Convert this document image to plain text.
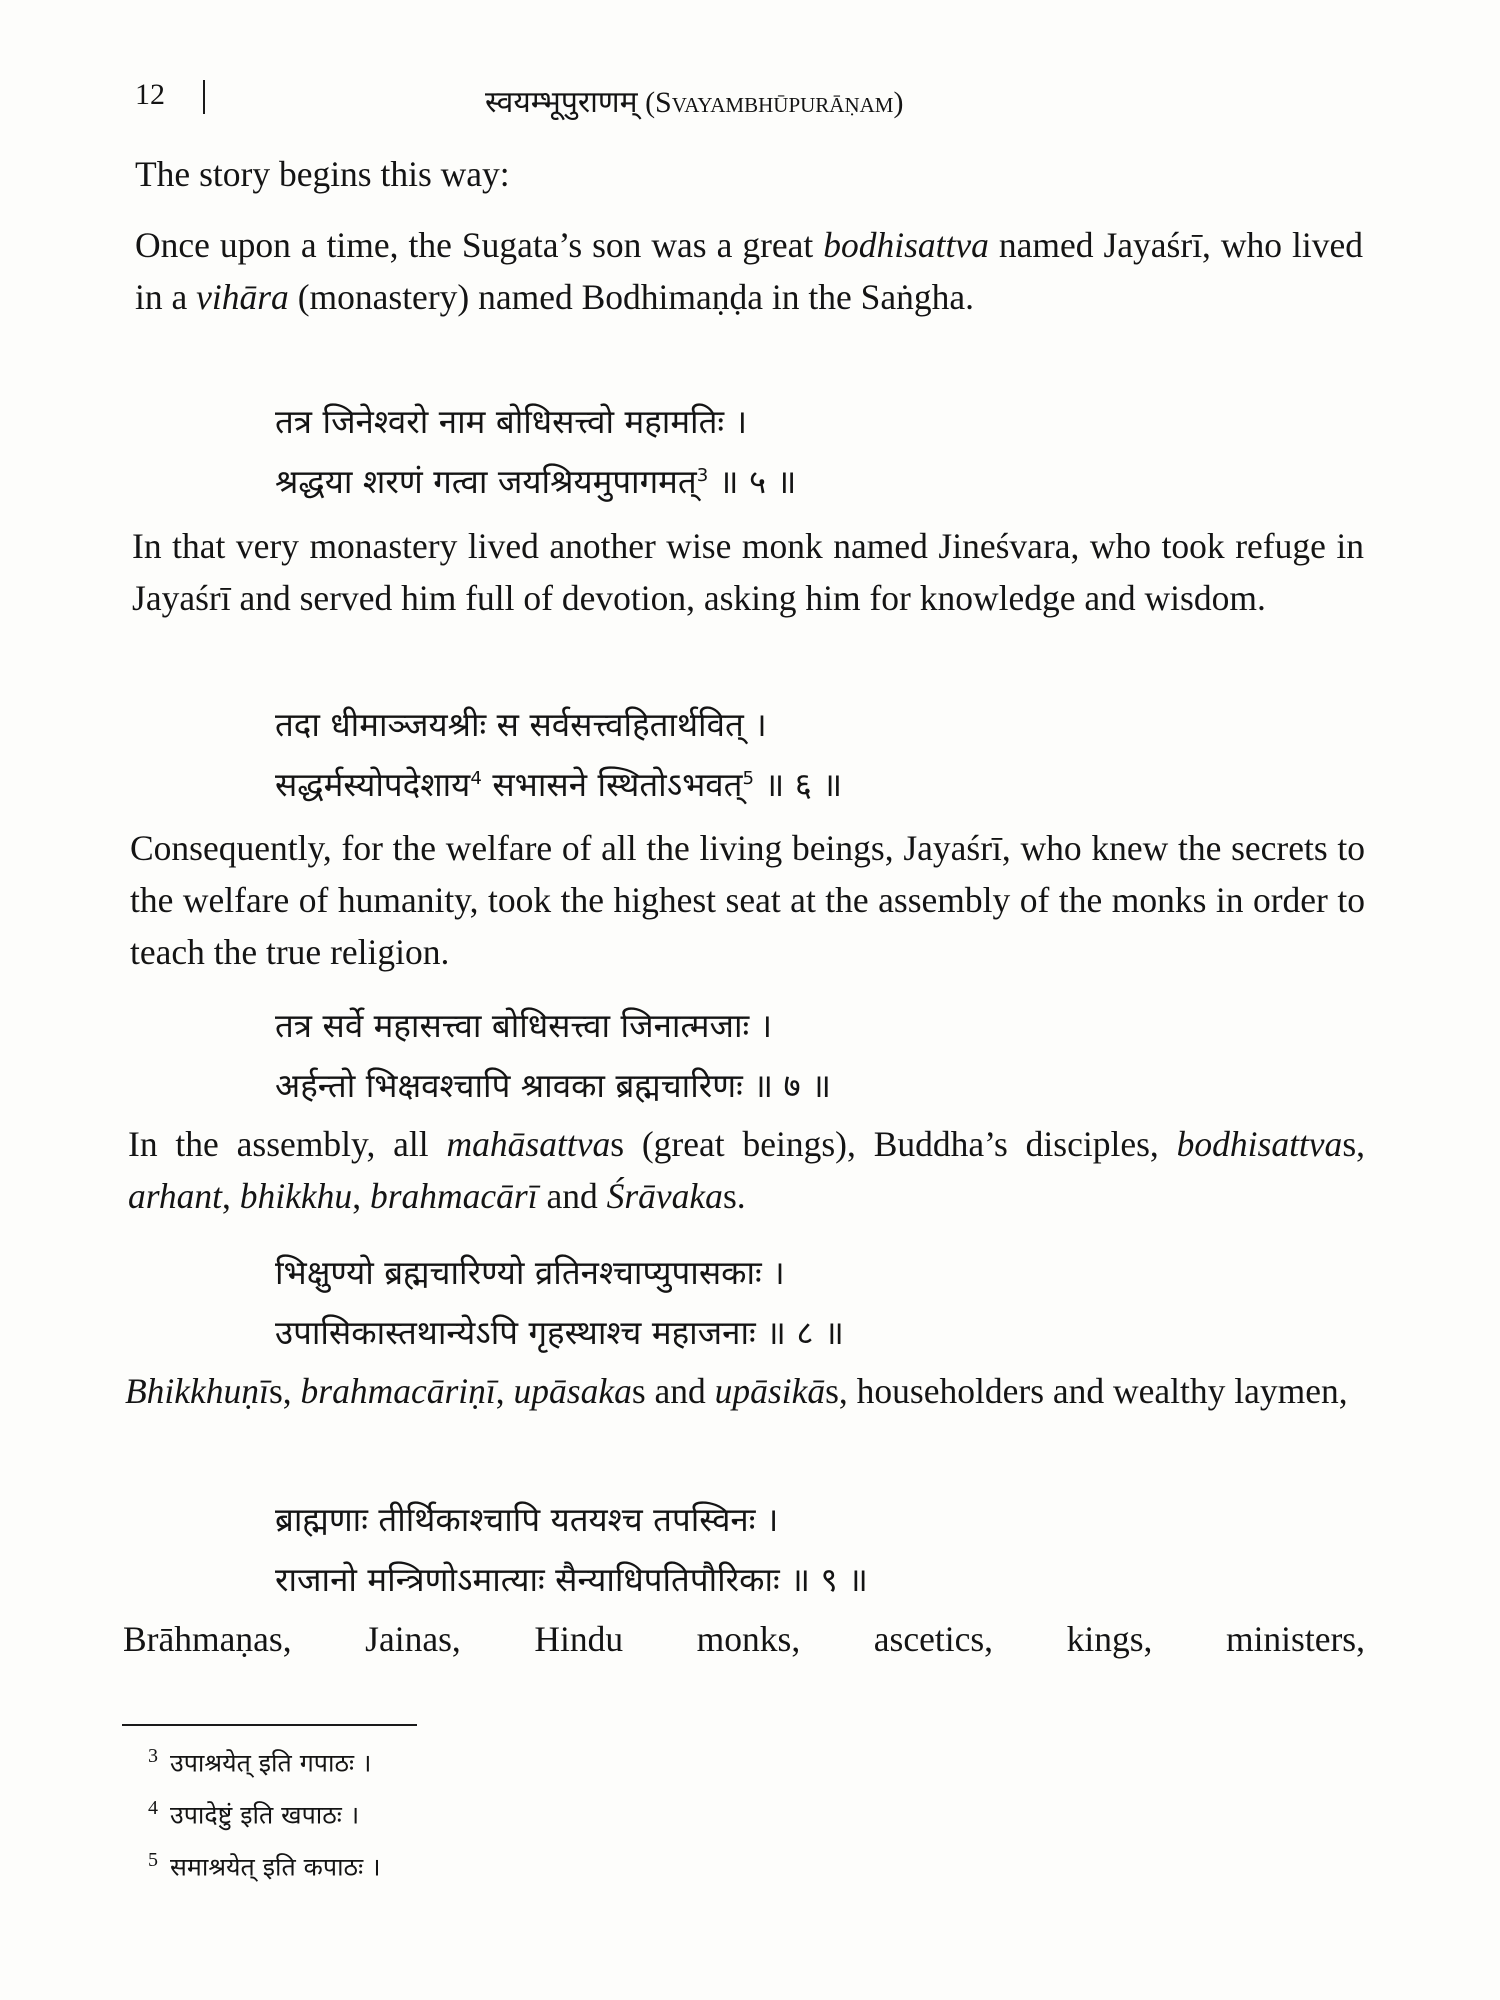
12	स्वयम्भूपुराणम् (Svayambhūpurāṇam)

The story begins this way:

Once upon a time, the Sugata’s son was a great bodhisattva named Jayaśrī, who lived in a vihāra (monastery) named Bodhimaṇḍa in the Saṅgha.

तत्र जिनेश्वरो नाम बोधिसत्त्वो महामतिः ।
श्रद्धया शरणं गत्वा जयश्रियमुपागमत्$^3$ ॥ ५ ॥

In that very monastery lived another wise monk named Jineśvara, who took refuge in Jayaśrī and served him full of devotion, asking him for knowledge and wisdom.

तदा धीमाञ्जयश्रीः स सर्वसत्त्वहितार्थवित् ।
सद्धर्मस्योपदेशाय$^4$ सभासने स्थितोऽभवत्$^5$ ॥ ६ ॥

Consequently, for the welfare of all the living beings, Jayaśrī, who knew the secrets to the welfare of humanity, took the highest seat at the assembly of the monks in order to teach the true religion.

तत्र सर्वे महासत्त्वा बोधिसत्त्वा जिनात्मजाः ।
अर्हन्तो भिक्षवश्चापि श्रावका ब्रह्मचारिणः ॥ ७ ॥

In the assembly, all mahāsattvas (great beings), Buddha’s disciples, bodhisattvas, arhant, bhikkhu, brahmacārī and Śrāvakas.

भिक्षुण्यो ब्रह्मचारिण्यो व्रतिनश्चाप्युपासकाः ।
उपासिकास्तथान्येऽपि गृहस्थाश्च महाजनाः ॥ ८ ॥

Bhikkhuṇīs, brahmacāriṇī, upāsakas and upāsikās, householders and wealthy laymen,

ब्राह्मणाः तीर्थिकाश्चापि यतयश्च तपस्विनः ।
राजानो मन्त्रिणोऽमात्याः सैन्याधिपतिपौरिकाः ॥ ९ ॥

Brāhmaṇas, Jainas, Hindu monks, ascetics, kings, ministers,

$^3$ उपाश्रयेत् इति गपाठः ।
$^4$ उपादेष्टुं इति खपाठः ।
$^5$ समाश्रयेत् इति कपाठः ।
